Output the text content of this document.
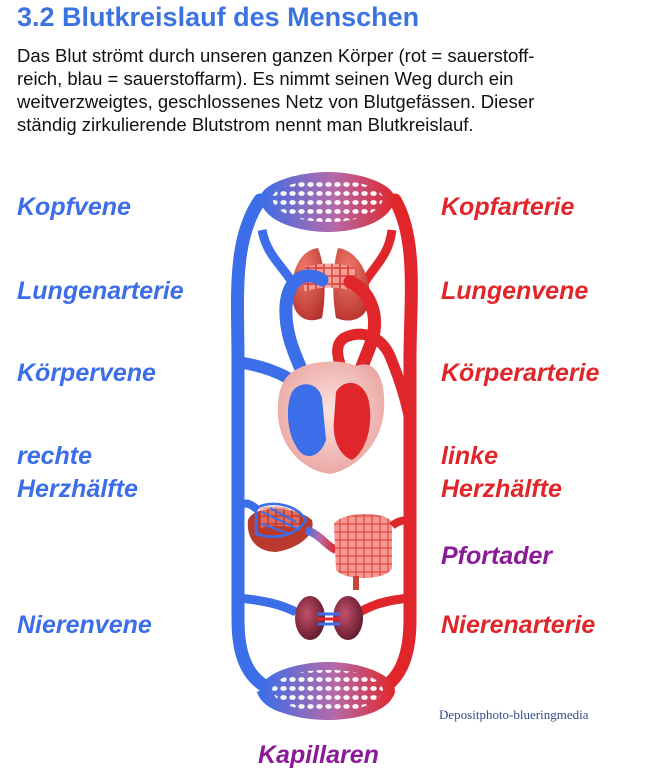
3.2 Blutkreislauf des Menschen

Das Blut strömt durch unseren ganzen Körper (rot = sauerstoff-
reich, blau = sauerstoffarm). Es nimmt seinen Weg durch ein
weitverzweigtes, geschlossenes Netz von Blutgefässen. Dieser
ständig zirkulierende Blutstrom nennt man Blutkreislauf.

Kopfvene
Lungenarterie
Körpervene
rechte
Herzhälfte
Nierenvene
Kopfarterie
Lungenvene
Körperarterie
linke
Herzhälfte
Pfortader
Nierenarterie
Kapillaren
Depositphoto-blueringmedia
